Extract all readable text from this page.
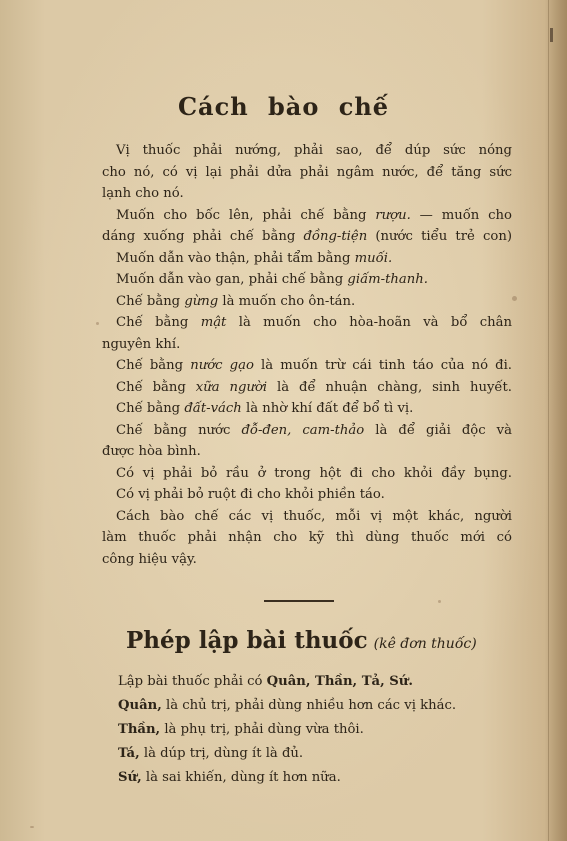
Cách bào chế
Vị thuốc phải nướng, phải sao, để dúp sức nóng
cho nó, có vị lại phải dửa phải ngâm nước, để tăng sức
lạnh cho nó.
Muốn cho bốc lên, phải chế bằng rượu. — muốn cho
dáng xuống phải chế bằng đồng-tiện (nước tiểu trẻ con)
Muốn dẫn vào thận, phải tẩm bằng muối.
Muốn dẫn vào gan, phải chế bằng giấm-thanh.
Chế bằng gừng là muốn cho ôn-tán.
Chế bằng mật là muốn cho hòa-hoãn và bổ chân
nguyên khí.
Chế bằng nước gạo là muốn trừ cái tinh táo của nó đi.
Chế bằng xữa người là để nhuận chàng, sinh huyết.
Chế bằng đất-vách là nhờ khí đất để bổ tì vị.
Chế bằng nước đỗ-đen, cam-thảo là để giải độc và
được hòa bình.
Có vị phải bỏ rầu ở trong hột đi cho khỏi đầy bụng.
Có vị phải bỏ ruột đi cho khỏi phiền táo.
Cách bào chế các vị thuốc, mỗi vị một khác, người
làm thuốc phải nhận cho kỹ thì dùng thuốc mới có
công hiệu vậy.
Phép lập bài thuốc (kê đơn thuốc)
Lập bài thuốc phải có Quân, Thần, Tả, Sứ.
Quân, là chủ trị, phải dùng nhiều hơn các vị khác.
Thần, là phụ trị, phải dùng vừa thôi.
Tá, là dúp trị, dùng ít là đủ.
Sứ, là sai khiến, dùng ít hơn nữa.
